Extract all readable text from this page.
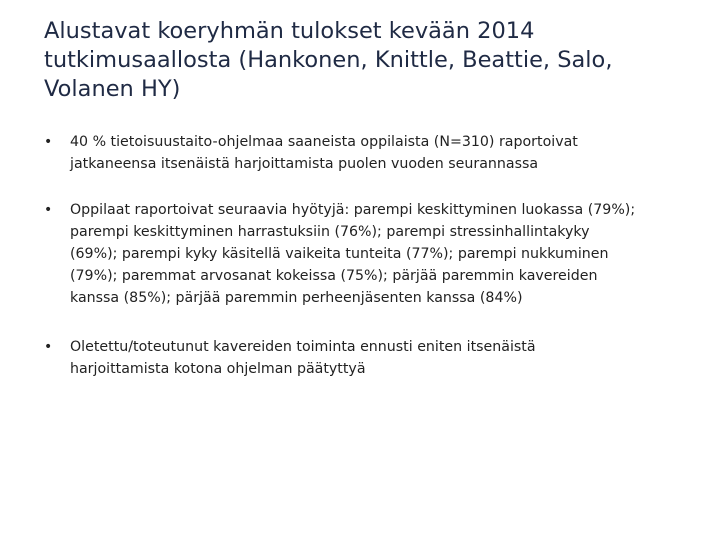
Alustavat koeryhmän tulokset kevään 2014 tutkimusaallosta (Hankonen, Knittle, Beattie, Salo, Volanen HY)
•	40 % tietoisuustaito-ohjelmaa saaneista oppilaista (N=310) raportoivat
jatkaneensa itsenäistä harjoittamista puolen vuoden seurannassa
•	Oppilaat raportoivat seuraavia hyötyjä: parempi keskittyminen luokassa (79%);
parempi keskittyminen harrastuksiin (76%); parempi stressinhallintakyky
(69%); parempi kyky käsitellä vaikeita tunteita (77%); parempi nukkuminen
(79%); paremmat arvosanat kokeissa (75%); pärjää paremmin kavereiden
kanssa (85%); pärjää paremmin perheenjäsenten kanssa (84%)
•	Oletettu/toteutunut kavereiden toiminta ennusti eniten itsenäistä
harjoittamista kotona ohjelman päätyttyä
